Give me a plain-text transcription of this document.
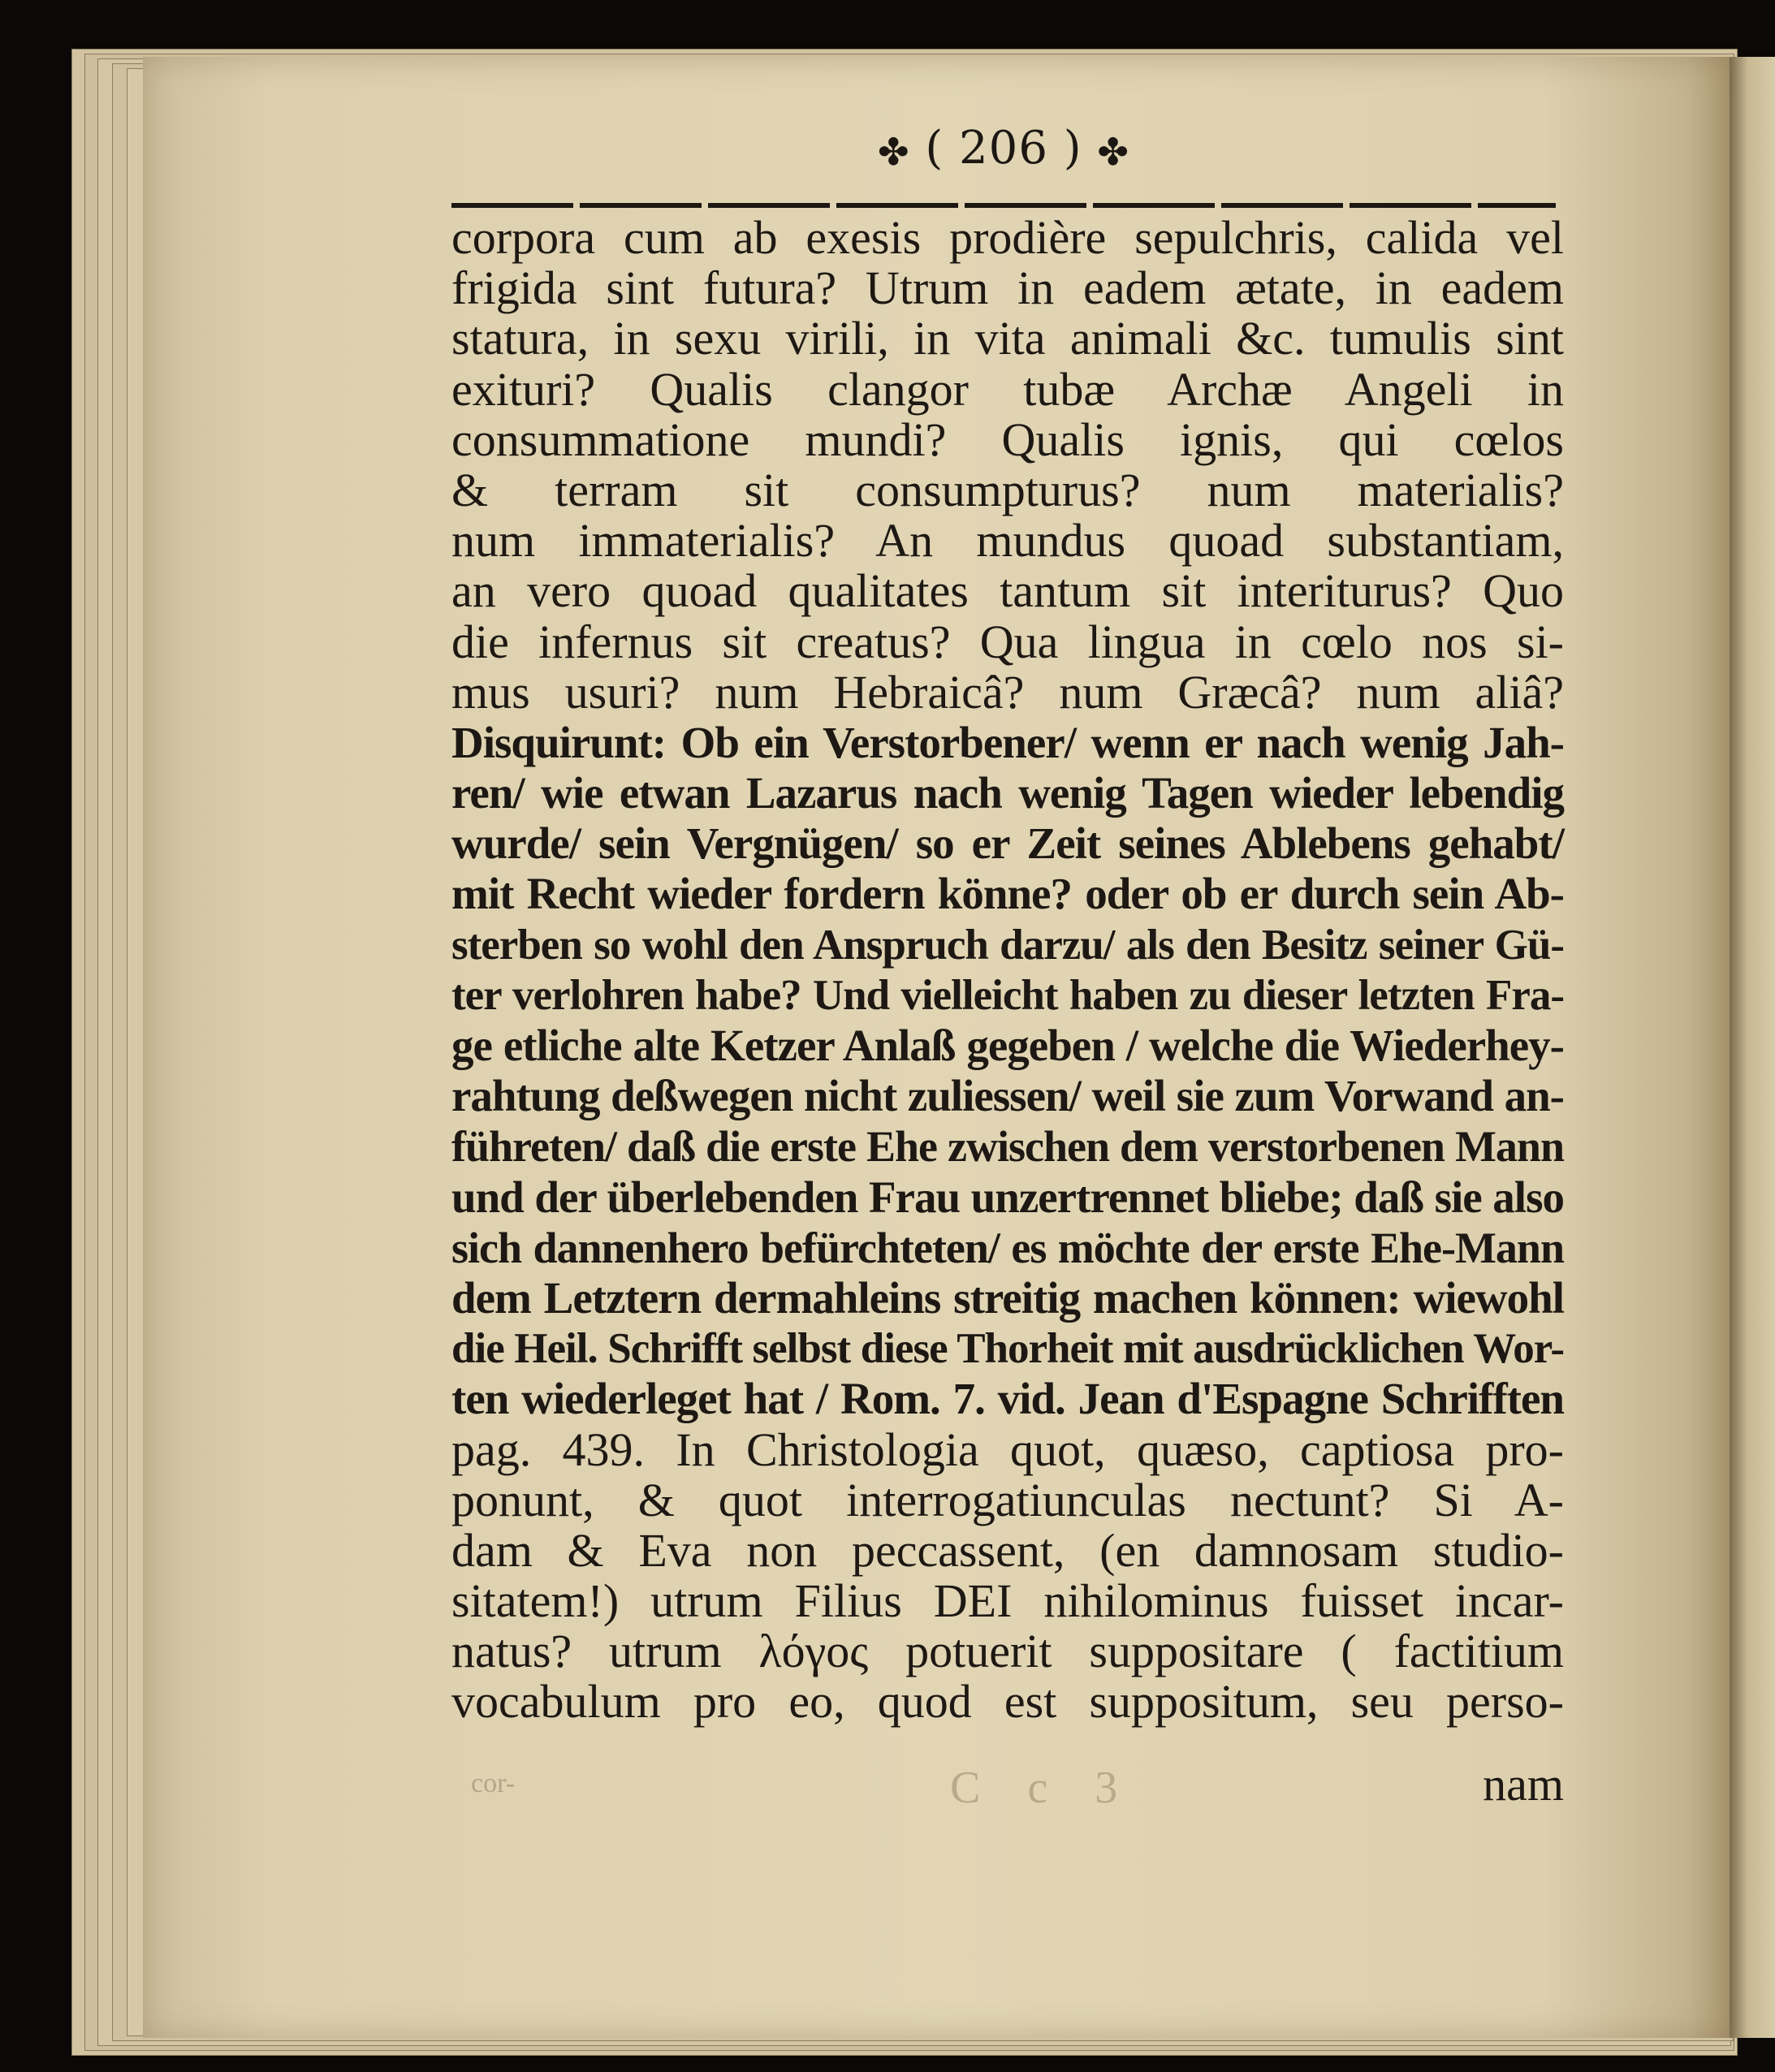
✤ ( 206 ) ✤
corpora cum ab exesis prodière sepulchris, calida vel
frigida sint futura? Utrum in eadem ætate, in eadem
statura, in sexu virili, in vita animali &c. tumulis sint
exituri? Qualis clangor tubæ Archæ Angeli in
consummatione mundi? Qualis ignis, qui cœlos
& terram sit consumpturus? num materialis?
num immaterialis? An mundus quoad substantiam,
an vero quoad qualitates tantum sit interiturus? Quo
die infernus sit creatus? Qua lingua in cœlo nos si-
mus usuri? num Hebraicâ? num Græcâ? num aliâ?
Disquirunt: Ob ein Verstorbener/ wenn er nach wenig Jah-
ren/ wie etwan Lazarus nach wenig Tagen wieder lebendig
wurde/ sein Vergnügen/ so er Zeit seines Ablebens gehabt/
mit Recht wieder fordern könne? oder ob er durch sein Ab-
sterben so wohl den Anspruch darzu/ als den Besitz seiner Gü-
ter verlohren habe? Und vielleicht haben zu dieser letzten Fra-
ge etliche alte Ketzer Anlaß gegeben / welche die Wiederhey-
rahtung deßwegen nicht zuliessen/ weil sie zum Vorwand an-
führeten/ daß die erste Ehe zwischen dem verstorbenen Mann
und der überlebenden Frau unzertrennet bliebe; daß sie also
sich dannenhero befürchteten/ es möchte der erste Ehe-Mann
dem Letztern dermahleins streitig machen können: wiewohl
die Heil. Schrifft selbst diese Thorheit mit ausdrücklichen Wor-
ten wiederleget hat / Rom. 7. vid. Jean d'Espagne Schrifften
pag. 439. In Christologia quot, quæso, captiosa pro-
ponunt, & quot interrogatiunculas nectunt? Si A-
dam & Eva non peccassent, (en damnosam studio-
sitatem!) utrum Filius DEI nihilominus fuisset incar-
natus? utrum λόγος potuerit suppositare ( factitium
vocabulum pro eo, quod est suppositum, seu perso-
cor-	C c 3	nam
